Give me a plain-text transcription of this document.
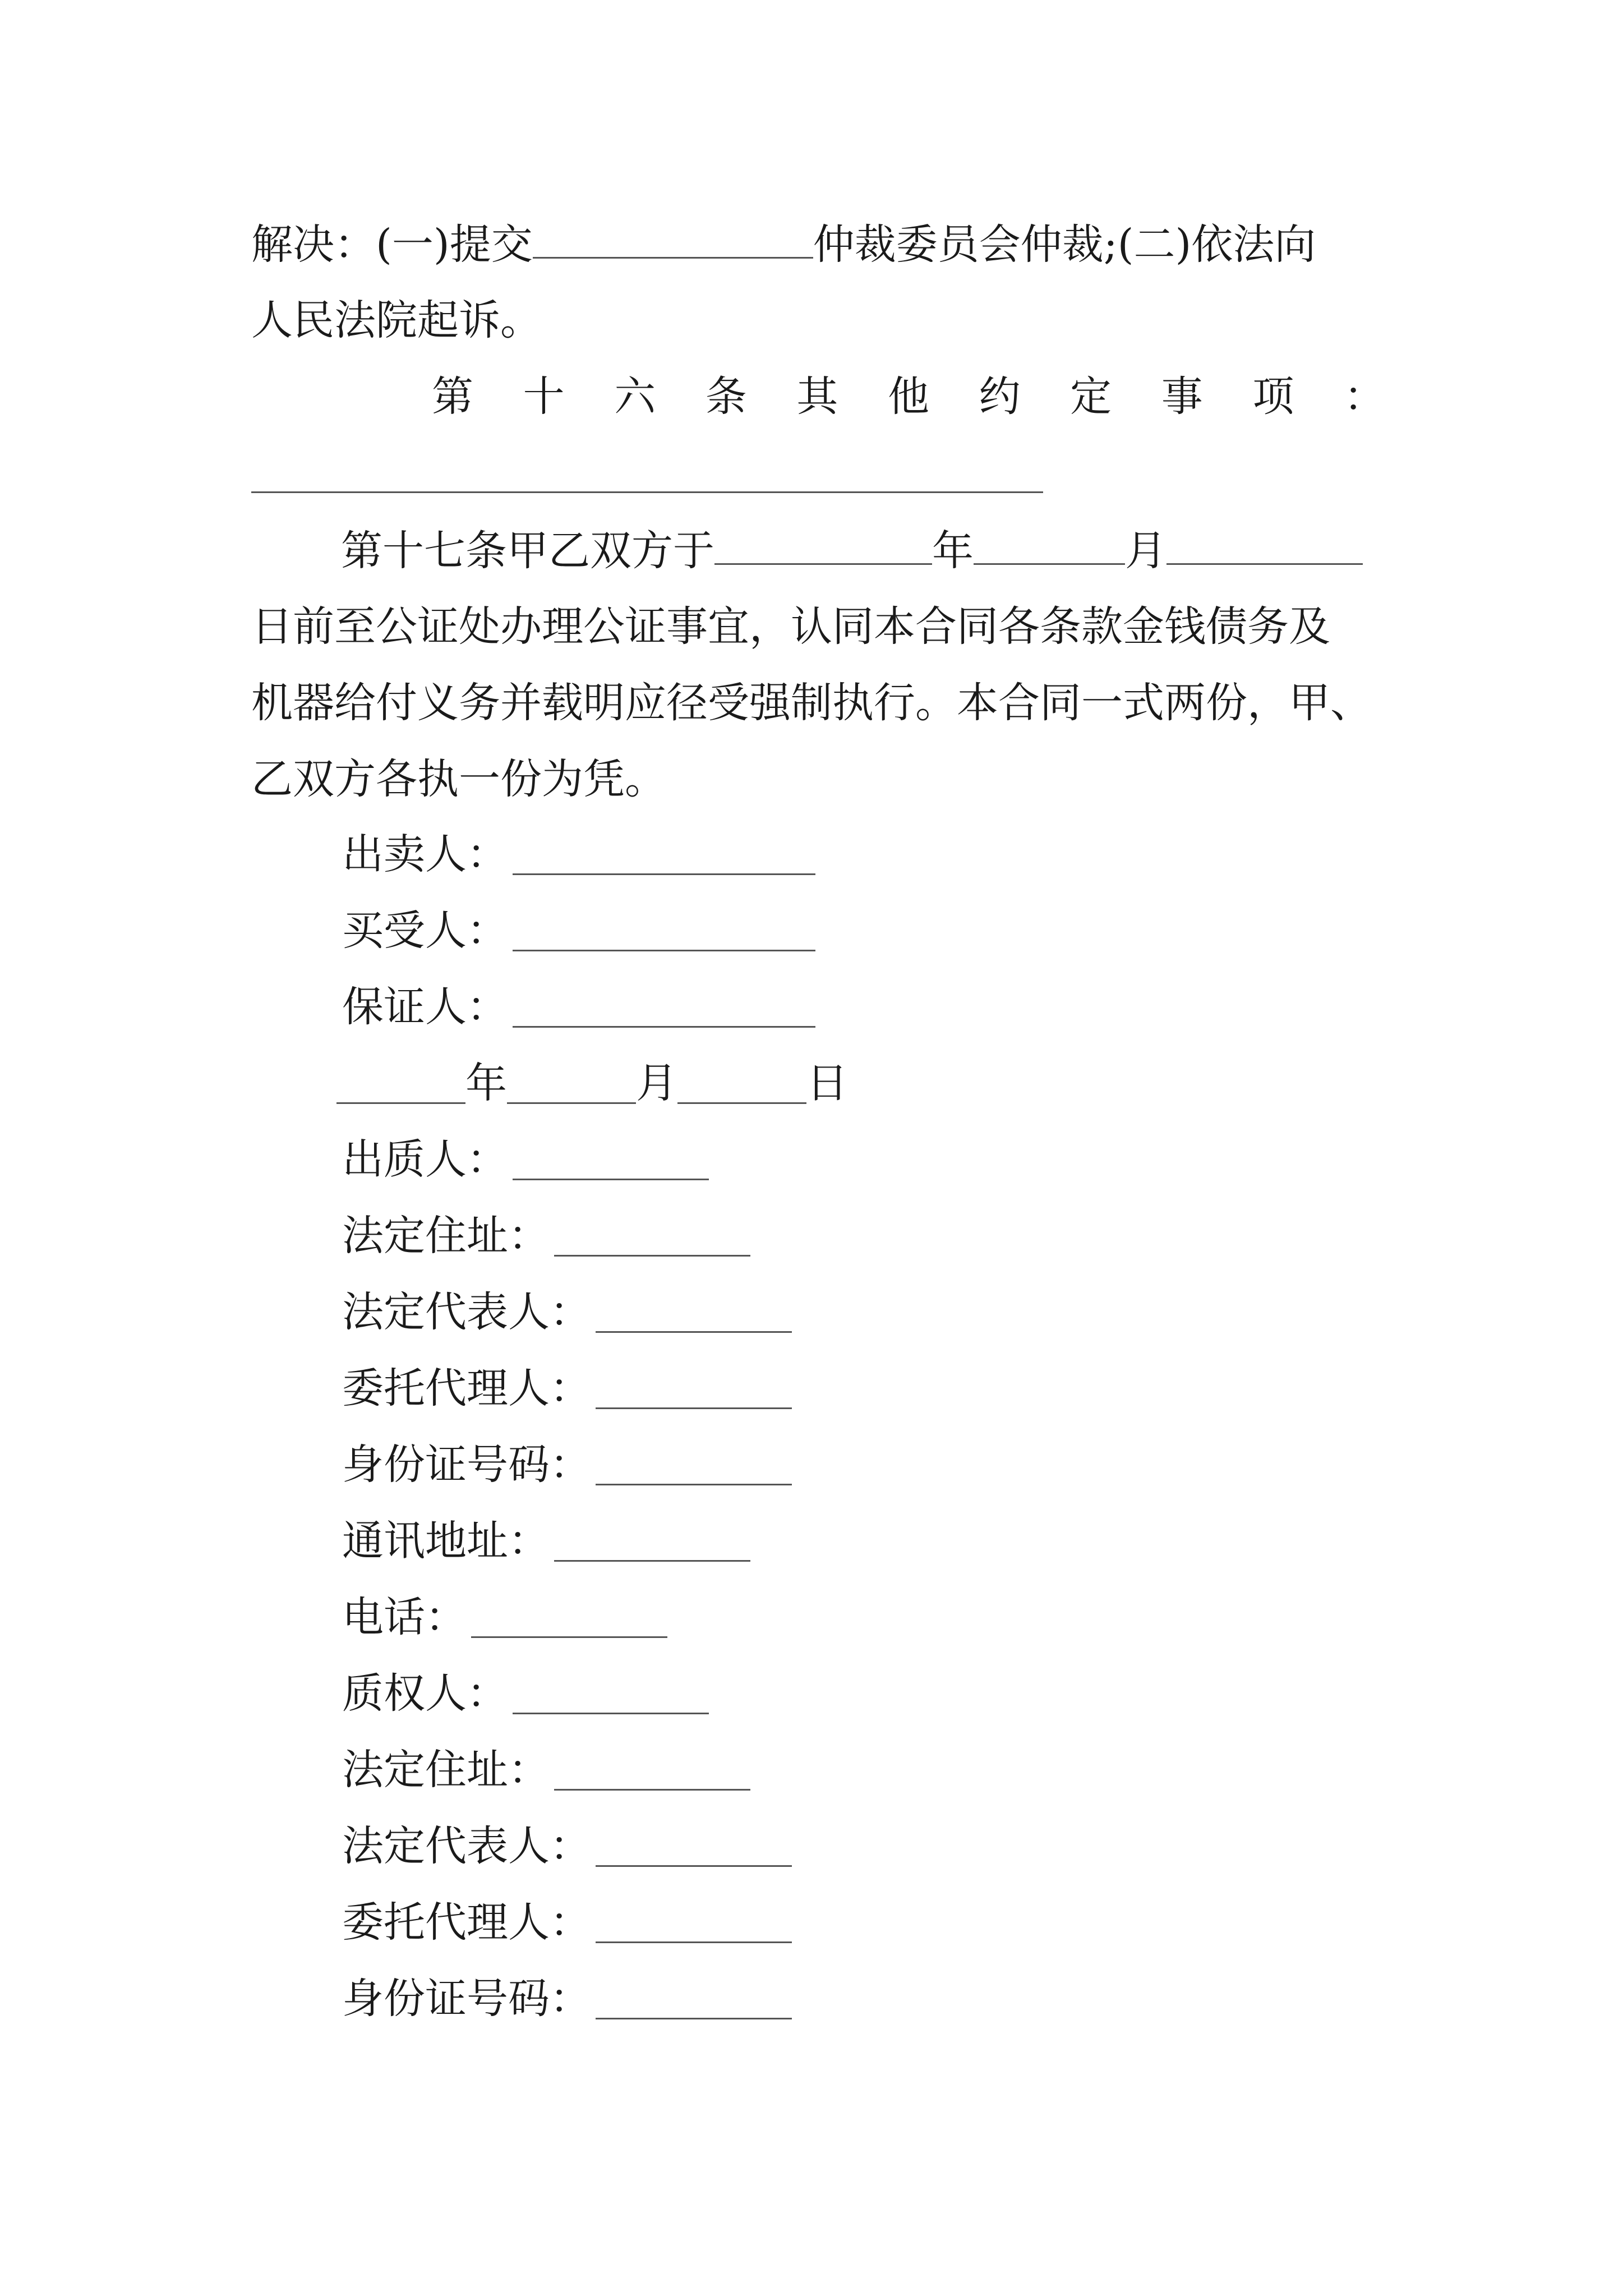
解决：(一)提交	仲裁委员会仲裁;(二)依法向
人民法院起诉。
第 十 六 条 其 他 约 定 事 项 ：
第十七条甲乙双方于	年	月
日前至公证处办理公证事宜，认同本合同各条款金钱债务及
机器给付义务并载明应径受强制执行。本合同一式两份，甲、
乙双方各执一份为凭。
出卖人：
买受人：
保证人：
年	月	日
出质人：
法定住址：
法定代表人：
委托代理人：
身份证号码：
通讯地址：
电话：
质权人：
法定住址：
法定代表人：
委托代理人：
身份证号码：
